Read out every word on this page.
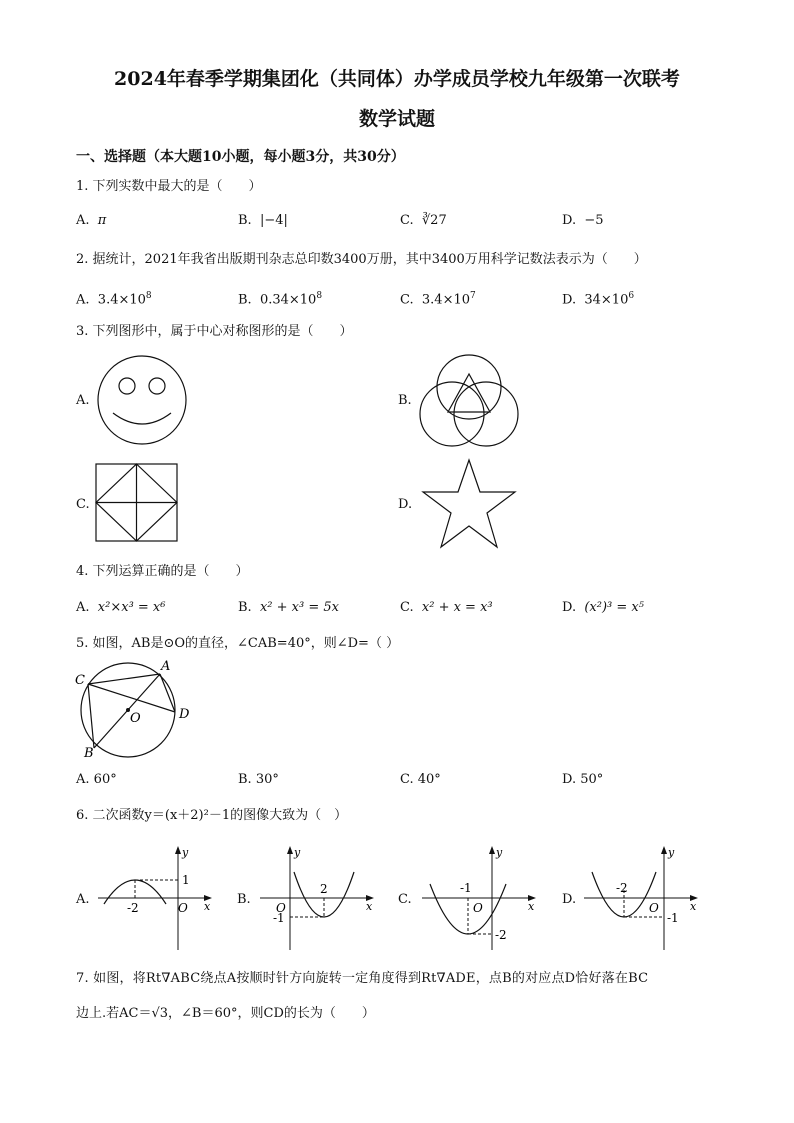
2024年春季学期集团化（共同体）办学成员学校九年级第一次联考
数学试题
一、选择题（本大题10小题，每小题3分，共30分）
1. 下列实数中最大的是（　　）
A. π	B. |−4|	C. ∛27	D. −5
2. 据统计，2021年我省出版期刊杂志总印数3400万册，其中3400万用科学记数法表示为（　　）
A. $3.4\times 10^8$	B. $0.34\times 10^8$	C. $3.4\times 10^7$	D. $34\times 10^6$
3. 下列图形中，属于中心对称图形的是（　　）
A.	B.
C.	D.
4. 下列运算正确的是（　　）
A. x²×x³ = x⁶	B. x² + x³ = 5x	C. x² + x = x³	D. (x²)³ = x⁵
5. 如图，AB是⊙O的直径，∠CAB=40°，则∠D=（ ）
C
A
O	D
B
A. 60°	B. 30°	C. 40°	D. 50°
6. 二次函数y＝(x＋2)²－1的图像大致为（　）
A.
y
x
-2
1
O
B.
y
x
2
-1
O
C.
y
x
-1
-2
O
D.
y
x
-2
-1
O
7. 如图，将Rt∇ABC绕点A按顺时针方向旋转一定角度得到Rt∇ADE，点B的对应点D恰好落在BC
边上.若AC＝√3，∠B＝60°，则CD的长为（　　）
